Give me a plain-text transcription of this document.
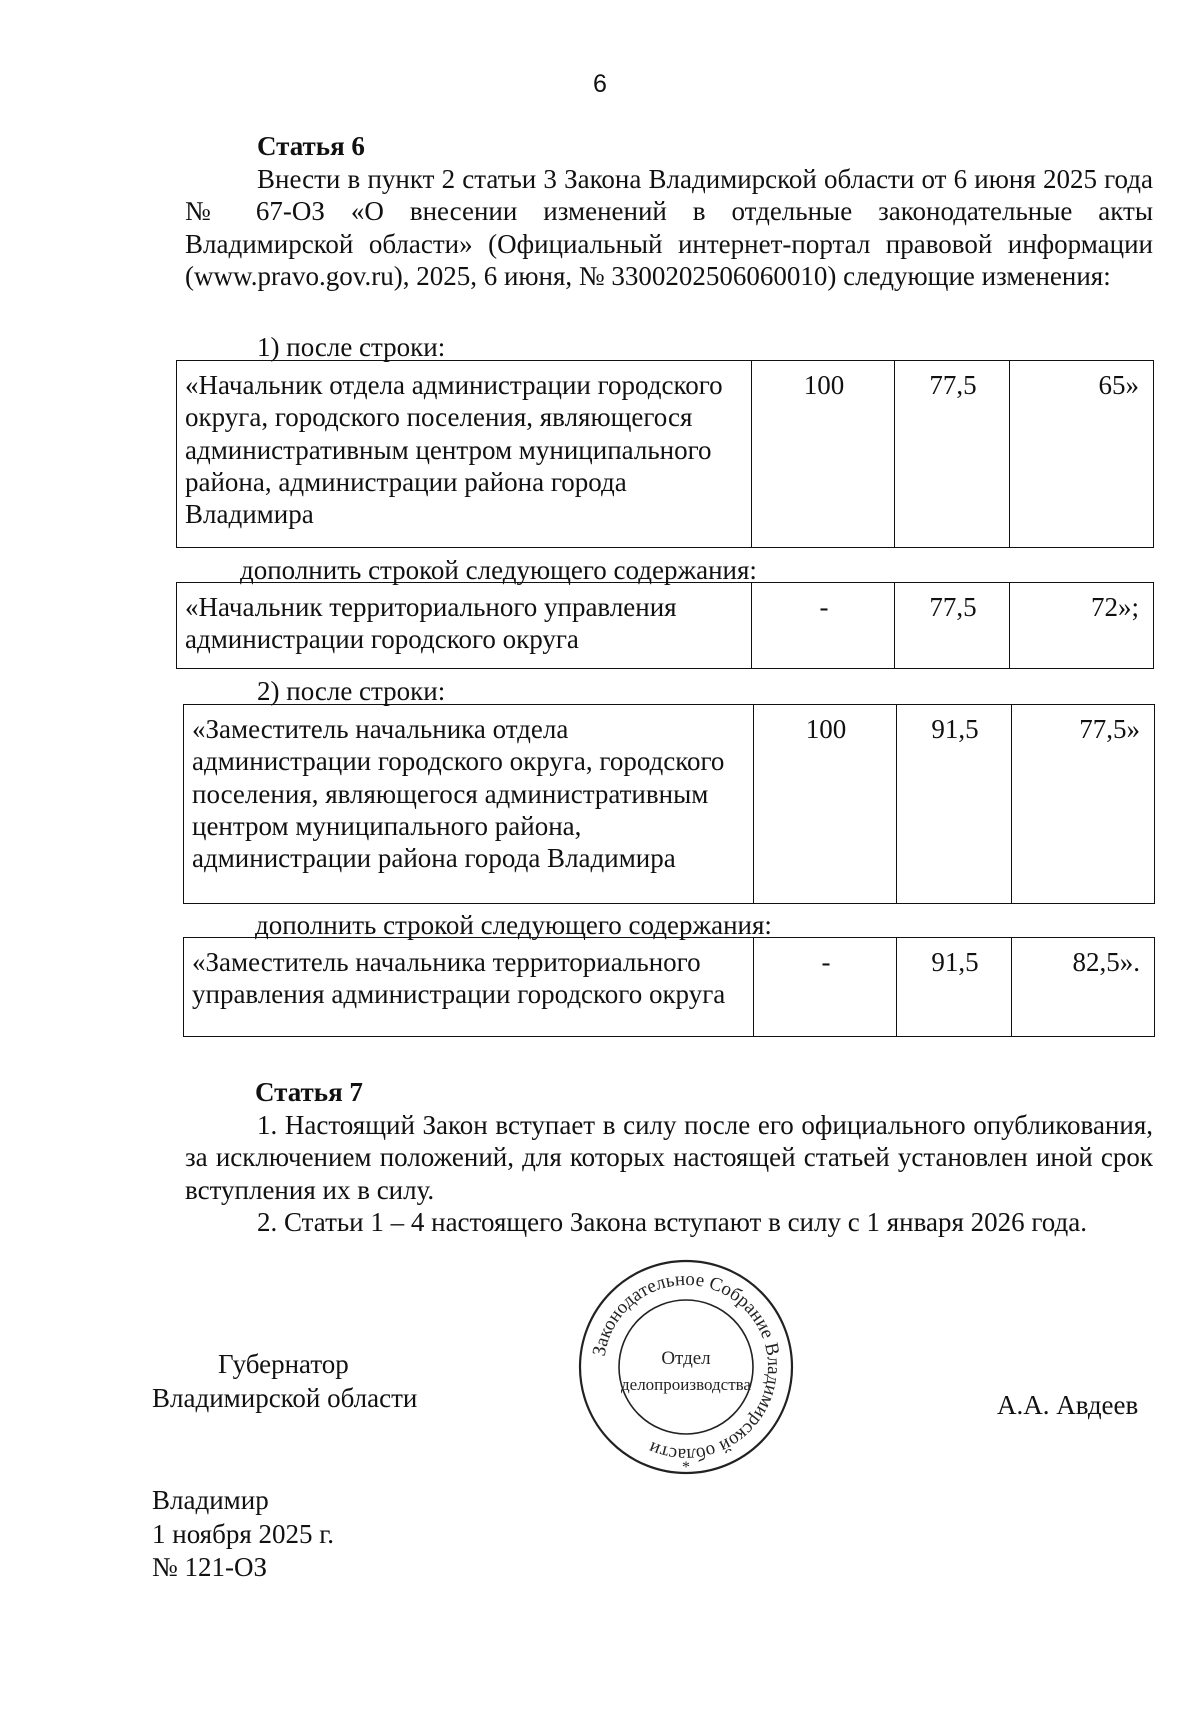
6
Статья 6
Внести в пункт 2 статьи 3 Закона Владимирской области от 6 июня 2025 года № 67-ОЗ «О внесении изменений в отдельные законодательные акты Владимирской области» (Официальный интернет-портал правовой информации (www.pravo.gov.ru), 2025, 6 июня, № 3300202506060010) следующие изменения:
1) после строки:
«Начальник отдела администрации городского округа, городского поселения, являющегося административным центром муниципального района, администрации района города Владимира	100	77,5	65»
дополнить строкой следующего содержания:
«Начальник территориального управления администрации городского округа	-	77,5	72»;
2) после строки:
«Заместитель начальника отдела администрации городского округа, городского поселения, являющегося административным центром муниципального района, администрации района города Владимира	100	91,5	77,5»
дополнить строкой следующего содержания:
«Заместитель начальника территориального управления администрации городского округа	-	91,5	82,5».
Статья 7
1. Настоящий Закон вступает в силу после его официального опубликования, за исключением положений, для которых настоящей статьей установлен иной срок вступления их в силу.
2. Статьи 1 – 4 настоящего Закона вступают в силу с 1 января 2026 года.
Губернатор
Владимирской области	А.А. Авдеев
Законодательное Собрание Владимирской области
Отдел
делопроизводства
*
Владимир
1 ноября 2025 г.
№ 121-ОЗ
